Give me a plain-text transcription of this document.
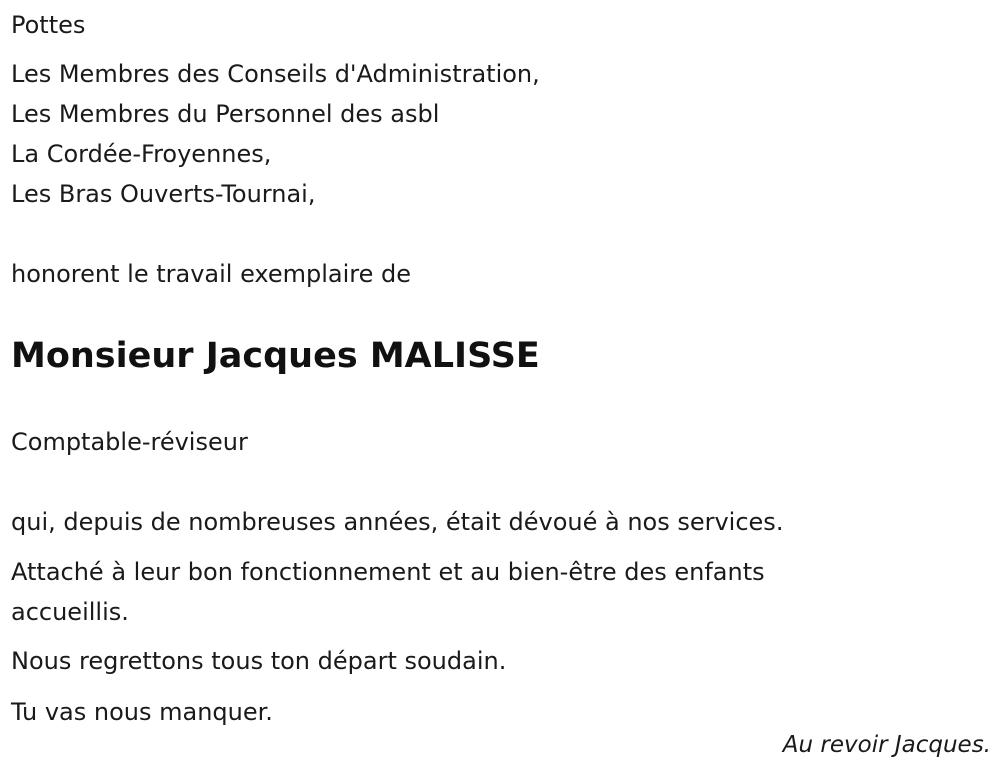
Pottes
Les Membres des Conseils d'Administration,
Les Membres du Personnel des asbl
La Cordée-Froyennes,
Les Bras Ouverts-Tournai,
honorent le travail exemplaire de
Monsieur Jacques MALISSE
Comptable-réviseur
qui, depuis de nombreuses années, était dévoué à nos services.
Attaché à leur bon fonctionnement et au bien-être des enfants
accueillis.
Nous regrettons tous ton départ soudain.
Tu vas nous manquer.
Au revoir Jacques.
